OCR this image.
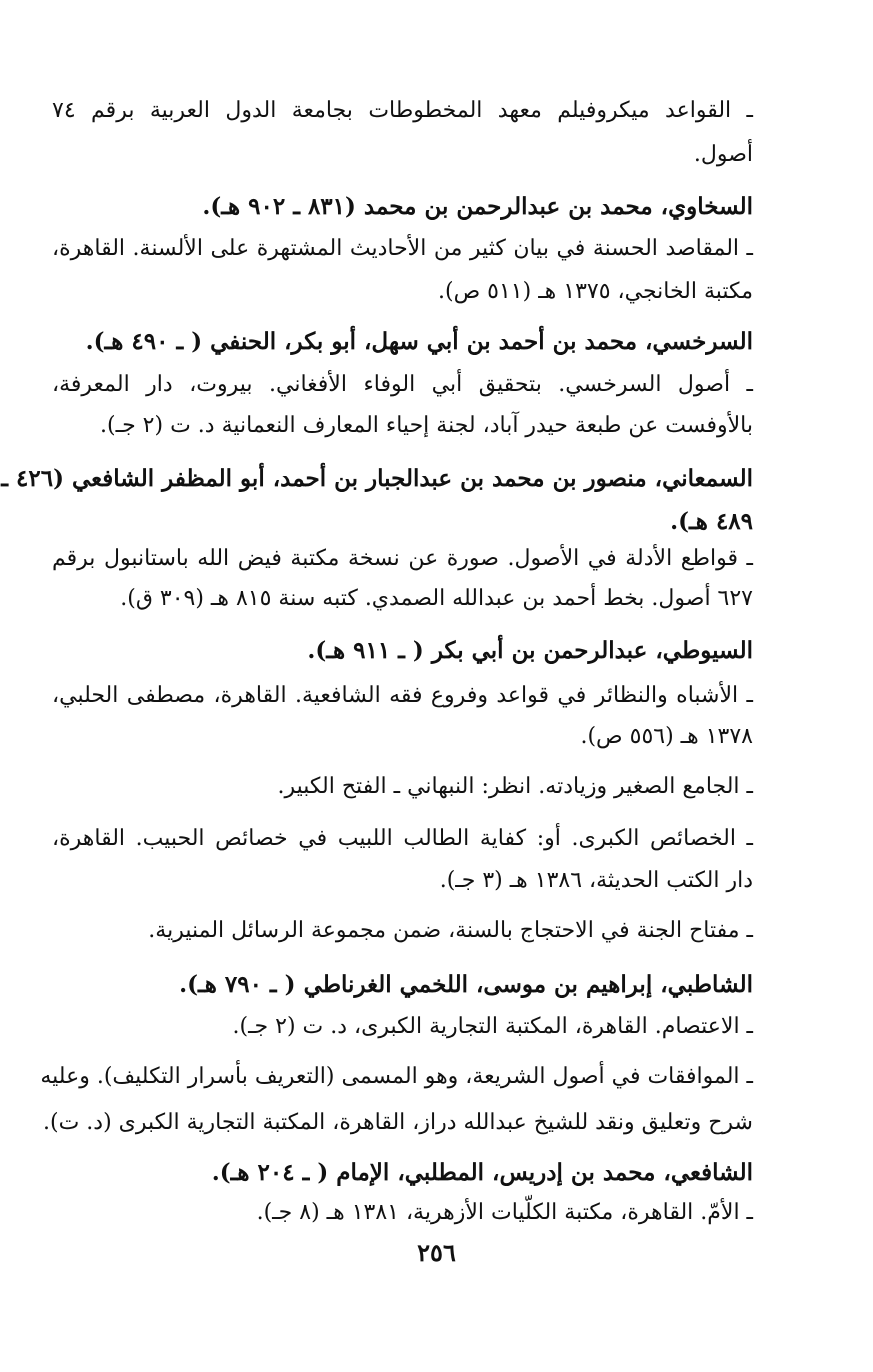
ـ القواعد ميكروفيلم معهد المخطوطات بجامعة الدول العربية برقم ٧٤
أصول.
السخاوي، محمد بن عبدالرحمن بن محمد (٨٣١ ـ ٩٠٢ هـ).
ـ المقاصد الحسنة في بيان كثير من الأحاديث المشتهرة على الألسنة. القاهرة،
مكتبة الخانجي، ١٣٧٥ هـ (٥١١ ص).
السرخسي، محمد بن أحمد بن أبي سهل، أبو بكر، الحنفي ( ـ ٤٩٠ هـ).
ـ أصول السرخسي. بتحقيق أبي الوفاء الأفغاني. بيروت، دار المعرفة،
بالأوفست عن طبعة حيدر آباد، لجنة إحياء المعارف النعمانية د. ت (٢ جـ).
السمعاني، منصور بن محمد بن عبدالجبار بن أحمد، أبو المظفر الشافعي (٤٢٦ ـ
٤٨٩ هـ).
ـ قواطع الأدلة في الأصول. صورة عن نسخة مكتبة فيض الله باستانبول برقم
٦٢٧ أصول. بخط أحمد بن عبدالله الصمدي. كتبه سنة ٨١٥ هـ (٣٠٩ ق).
السيوطي، عبدالرحمن بن أبي بكر ( ـ ٩١١ هـ).
ـ الأشباه والنظائر في قواعد وفروع فقه الشافعية. القاهرة، مصطفى الحلبي،
١٣٧٨ هـ (٥٥٦ ص).
ـ الجامع الصغير وزيادته. انظر: النبهاني ـ الفتح الكبير.
ـ الخصائص الكبرى. أو: كفاية الطالب اللبيب في خصائص الحبيب. القاهرة،
دار الكتب الحديثة، ١٣٨٦ هـ (٣ جـ).
ـ مفتاح الجنة في الاحتجاج بالسنة، ضمن مجموعة الرسائل المنيرية.
الشاطبي، إبراهيم بن موسى، اللخمي الغرناطي ( ـ ٧٩٠ هـ).
ـ الاعتصام. القاهرة، المكتبة التجارية الكبرى، د. ت (٢ جـ).
ـ الموافقات في أصول الشريعة، وهو المسمى (التعريف بأسرار التكليف). وعليه
شرح وتعليق ونقد للشيخ عبدالله دراز، القاهرة، المكتبة التجارية الكبرى (د. ت).
الشافعي، محمد بن إدريس، المطلبي، الإمام ( ـ ٢٠٤ هـ).
ـ الأمّ. القاهرة، مكتبة الكلّيات الأزهرية، ١٣٨١ هـ (٨ جـ).
٢٥٦
